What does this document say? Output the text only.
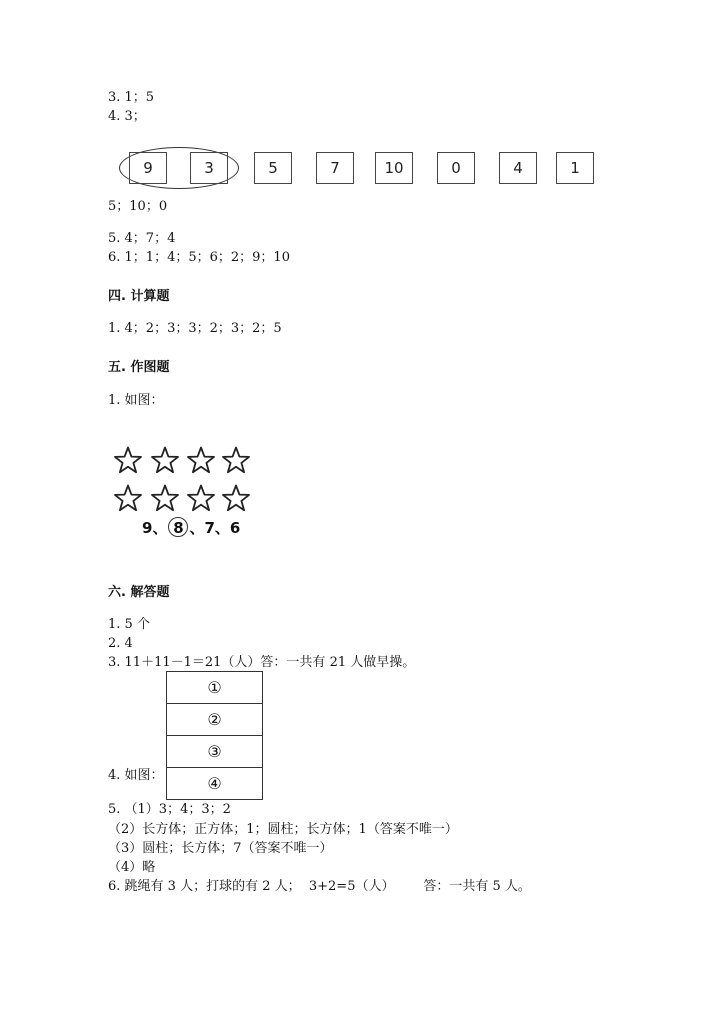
3. 1；5
4. 3；
9	3	5	7	10	0	4	1
5；10；0
5. 4；7；4
6. 1；1；4；5；6；2；9；10
四. 计算题
1. 4；2；3；3；2；3；2；5
五. 作图题
1. 如图：
9、 8 、7、6
六. 解答题
1. 5 个
2. 4
3. 11＋11－1＝21（人）答：一共有 21 人做早操。
①
②
③
④
4. 如图：
5. （1）3；4；3；2
（2）长方体；正方体；1；圆柱；长方体；1（答案不唯一）
（3）圆柱；长方体；7（答案不唯一）
（4）略
6. 跳绳有 3 人；打球的有 2 人；  3+2=5（人）       答：一共有 5 人。
